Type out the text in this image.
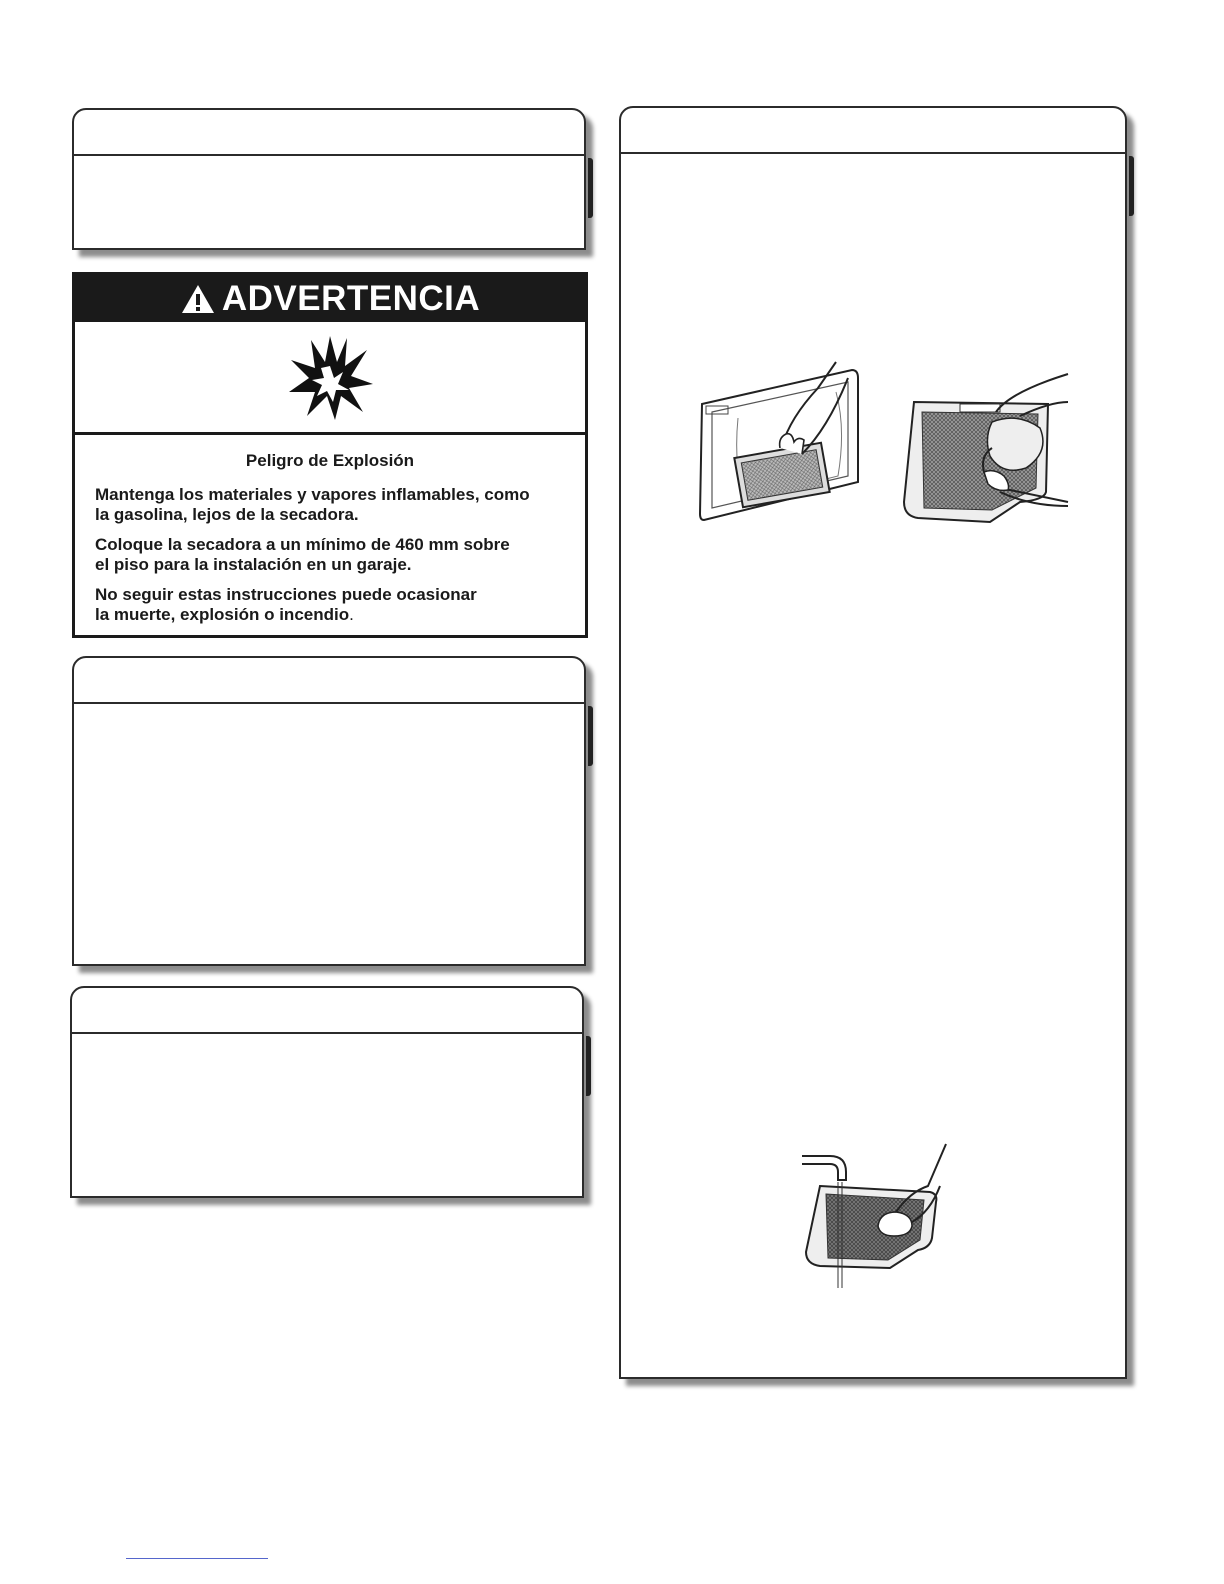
ADVERTENCIA
Peligro de Explosión

Mantenga los materiales y vapores inflamables, como
la gasolina, lejos de la secadora.

Coloque la secadora a un mínimo de 460 mm sobre
el piso para la instalación en un garaje.

No seguir estas instrucciones puede ocasionar
la muerte, explosión o incendio.
